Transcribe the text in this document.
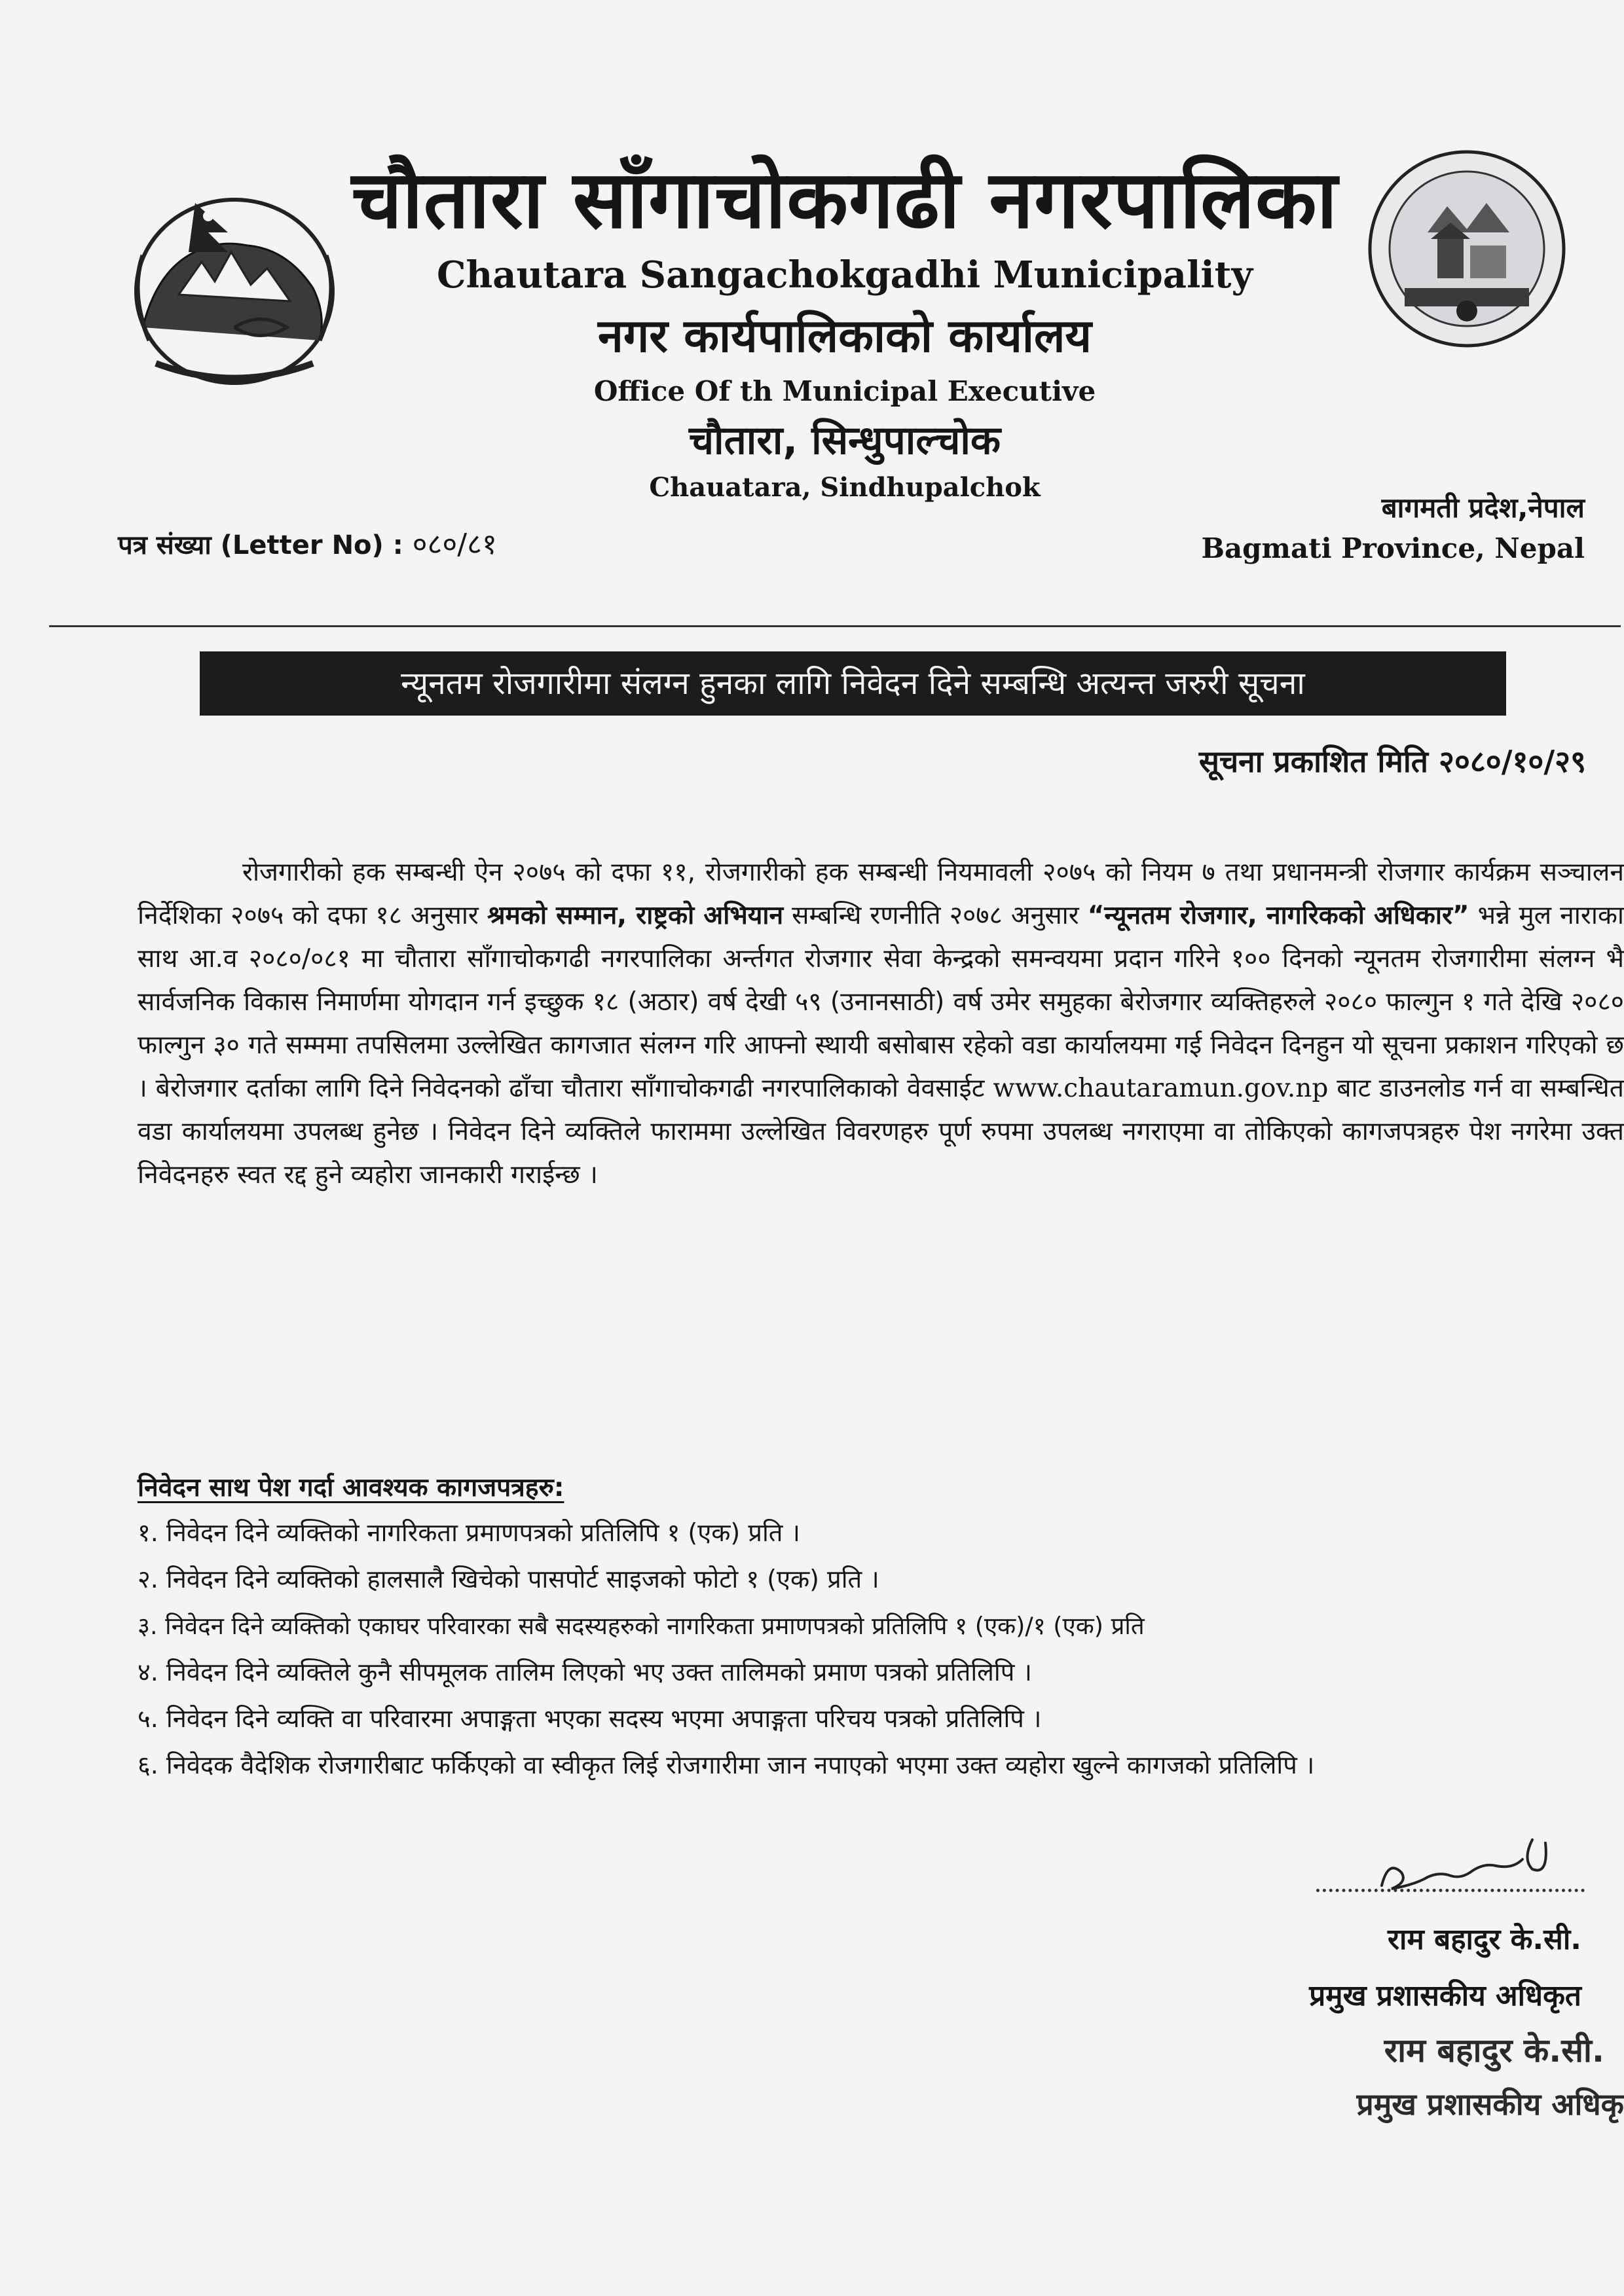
चौतारा साँगाचोकगढी नगरपालिका
Chautara Sangachokgadhi Municipality
नगर कार्यपालिकाको कार्यालय
Office Of th Municipal Executive
चौतारा, सिन्धुपाल्चोक
Chauatara, Sindhupalchok
पत्र संख्या (Letter No) : ०८०/८१
बागमती प्रदेश,नेपाल
Bagmati Province, Nepal
न्यूनतम रोजगारीमा संलग्न हुनका लागि निवेदन दिने सम्बन्धि अत्यन्त जरुरी सूचना
सूचना प्रकाशित मिति २०८०/१०/२९
रोजगारीको हक सम्बन्धी ऐन २०७५ को दफा ११, रोजगारीको हक सम्बन्धी नियमावली २०७५ को नियम ७ तथा प्रधानमन्त्री रोजगार कार्यक्रम सञ्चालन निर्देशिका २०७५ को दफा १८ अनुसार श्रमको सम्मान, राष्ट्रको अभियान सम्बन्धि रणनीति २०७८ अनुसार “न्यूनतम रोजगार, नागरिकको अधिकार” भन्ने मुल नाराका साथ आ.व २०८०/०८१ मा चौतारा साँगाचोकगढी नगरपालिका अर्न्तगत रोजगार सेवा केन्द्रको समन्वयमा प्रदान गरिने १०० दिनको न्यूनतम रोजगारीमा संलग्न भै सार्वजनिक विकास निमार्णमा योगदान गर्न इच्छुक १८ (अठार) वर्ष देखी ५९ (उनानसाठी) वर्ष उमेर समुहका बेरोजगार व्यक्तिहरुले २०८० फाल्गुन १ गते देखि २०८० फाल्गुन ३० गते सम्ममा तपसिलमा उल्लेखित कागजात संलग्न गरि आफ्नो स्थायी बसोबास रहेको वडा कार्यालयमा गई निवेदन दिनहुन यो सूचना प्रकाशन गरिएको छ । बेरोजगार दर्ताका लागि दिने निवेदनको ढाँचा चौतारा साँगाचोकगढी नगरपालिकाको वेवसाईट www.chautaramun.gov.np बाट डाउनलोड गर्न वा सम्बन्धित वडा कार्यालयमा उपलब्ध हुनेछ । निवेदन दिने व्यक्तिले फाराममा उल्लेखित विवरणहरु पूर्ण रुपमा उपलब्ध नगराएमा वा तोकिएको कागजपत्रहरु पेश नगरेमा उक्त निवेदनहरु स्वत रद्द हुने व्यहोरा जानकारी गराईन्छ ।
निवेदन साथ पेश गर्दा आवश्यक कागजपत्रहरु:
१. निवेदन दिने व्यक्तिको नागरिकता प्रमाणपत्रको प्रतिलिपि १ (एक) प्रति ।
२. निवेदन दिने व्यक्तिको हालसालै खिचेको पासपोर्ट साइजको फोटो १ (एक) प्रति ।
३. निवेदन दिने व्यक्तिको एकाघर परिवारका सबै सदस्यहरुको नागरिकता प्रमाणपत्रको प्रतिलिपि १ (एक)/१ (एक) प्रति
४. निवेदन दिने व्यक्तिले कुनै सीपमूलक तालिम लिएको भए उक्त तालिमको प्रमाण पत्रको प्रतिलिपि ।
५. निवेदन दिने व्यक्ति वा परिवारमा अपाङ्गता भएका सदस्य भएमा अपाङ्गता परिचय पत्रको प्रतिलिपि ।
६. निवेदक वैदेशिक रोजगारीबाट फर्किएको वा स्वीकृत लिई रोजगारीमा जान नपाएको भएमा उक्त व्यहोरा खुल्ने कागजको प्रतिलिपि ।
राम बहादुर के.सी.
प्रमुख प्रशासकीय अधिकृत
राम बहादुर के.सी.
प्रमुख प्रशासकीय अधिकृ
